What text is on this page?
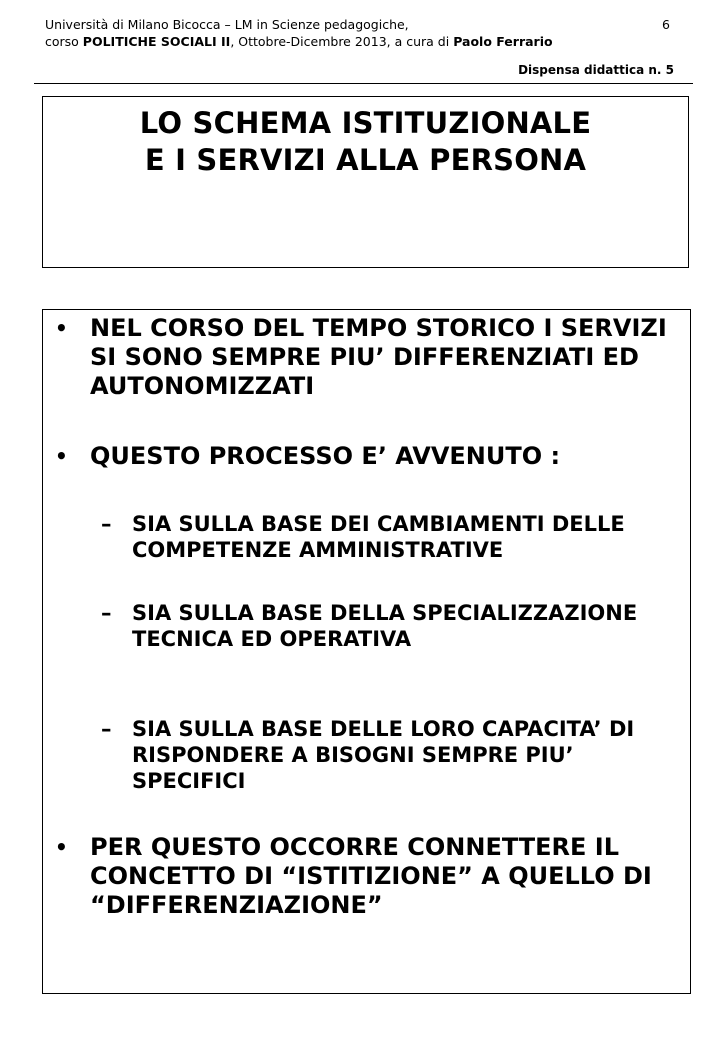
Università di Milano Bicocca – LM in Scienze pedagogiche,
corso POLITICHE SOCIALI II, Ottobre-Dicembre 2013, a cura di Paolo Ferrario
6
Dispensa didattica n. 5
LO SCHEMA ISTITUZIONALE
E I SERVIZI ALLA PERSONA
• NEL CORSO DEL TEMPO STORICO I SERVIZI SI SONO SEMPRE PIU’ DIFFERENZIATI ED AUTONOMIZZATI
• QUESTO PROCESSO E’ AVVENUTO :
– SIA SULLA BASE DEI CAMBIAMENTI DELLE COMPETENZE AMMINISTRATIVE
– SIA SULLA BASE DELLA SPECIALIZZAZIONE TECNICA ED OPERATIVA
– SIA SULLA BASE DELLE LORO CAPACITA’ DI RISPONDERE A BISOGNI SEMPRE PIU’ SPECIFICI
• PER QUESTO OCCORRE CONNETTERE IL CONCETTO DI “ISTITIZIONE” A QUELLO DI “DIFFERENZIAZIONE”
